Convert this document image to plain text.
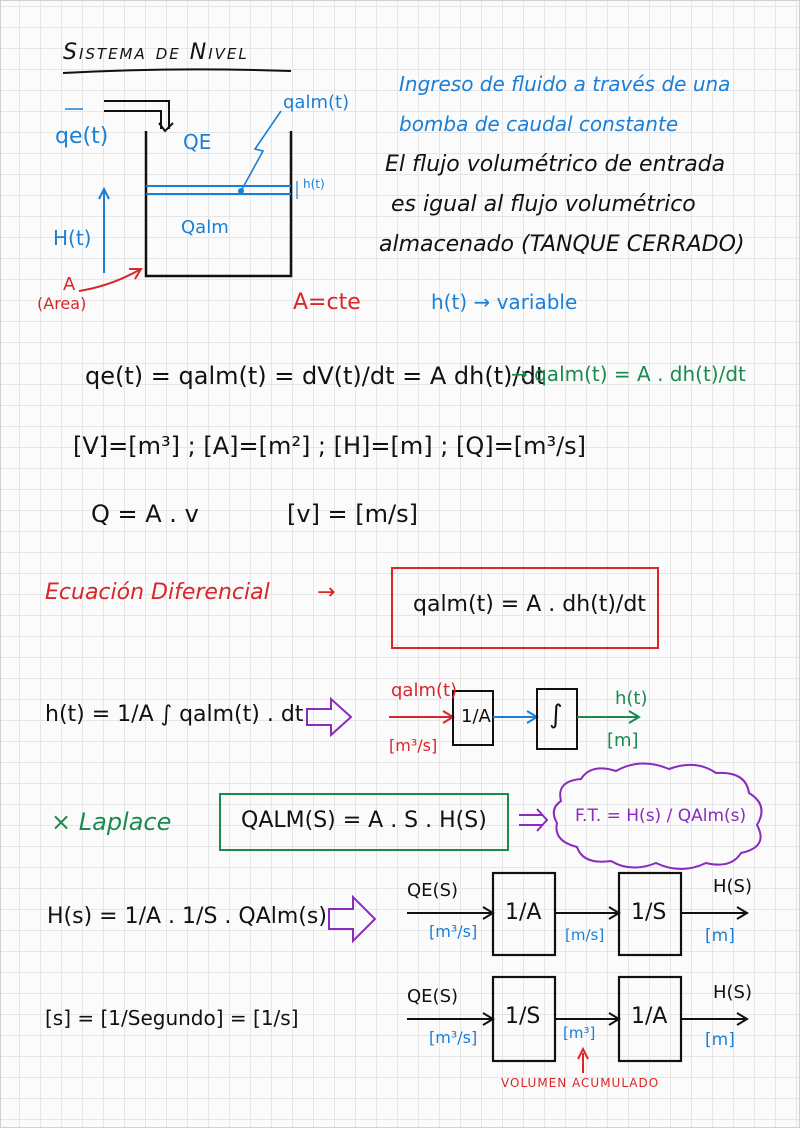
Sistema de Nivel
qe(t)	QE
qalm(t)
Qalm
h(t)
H(t)
A
(Area)
Ingreso de fluido a través de una
bomba de caudal constante
El flujo volumétrico de entrada
es igual al flujo volumétrico
almacenado (TANQUE CERRADO)
A=cte	h(t) → variable
qe(t) = qalm(t) = dV(t)/dt = A dh(t)/dt
→ qalm(t) = A . dh(t)/dt
[V]=[m³] ; [A]=[m²] ; [H]=[m] ; [Q]=[m³/s]
Q = A . v	[v] = [m/s]
Ecuación Diferencial →	qalm(t) = A . dh(t)/dt
h(t) = 1/A ∫ qalm(t) . dt
qalm(t)
[m³/s]
1/A ∫
h(t)
[m]
× Laplace	QALM(S) = A . S . H(S)	F.T. = H(s) / QAlm(s)
H(s) = 1/A . 1/S . QAlm(s)
[s] = [1/Segundo] = [1/s]
QE(S)
[m³/s]
1/A
[m/s]
1/S
H(S)
[m]
QE(S)
[m³/s]
1/S
[m³]
1/A
H(S)
[m]
VOLUMEN ACUMULADO
